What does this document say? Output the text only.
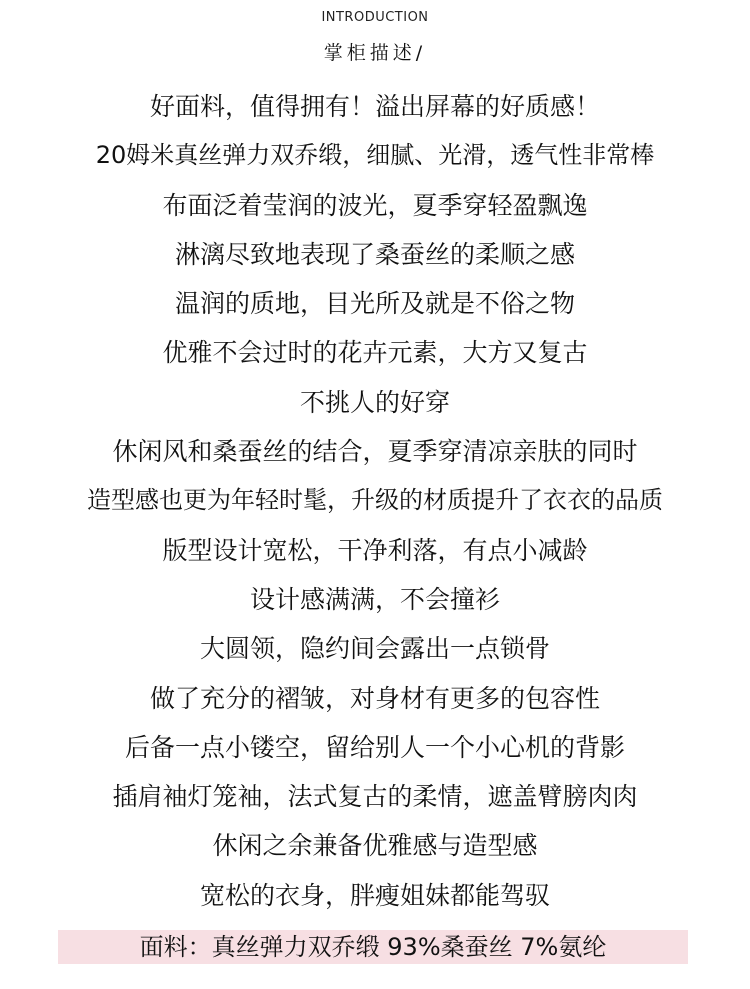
INTRODUCTION
掌柜描述/
好面料，值得拥有！溢出屏幕的好质感！
20姆米真丝弹力双乔缎，细腻、光滑，透气性非常棒
布面泛着莹润的波光，夏季穿轻盈飘逸
淋漓尽致地表现了桑蚕丝的柔顺之感
温润的质地，目光所及就是不俗之物
优雅不会过时的花卉元素，大方又复古
不挑人的好穿
休闲风和桑蚕丝的结合，夏季穿清凉亲肤的同时
造型感也更为年轻时髦，升级的材质提升了衣衣的品质
版型设计宽松，干净利落，有点小减龄
设计感满满，不会撞衫
大圆领，隐约间会露出一点锁骨
做了充分的褶皱，对身材有更多的包容性
后备一点小镂空，留给别人一个小心机的背影
插肩袖灯笼袖，法式复古的柔情，遮盖臂膀肉肉
休闲之余兼备优雅感与造型感
宽松的衣身，胖瘦姐妹都能驾驭
面料：真丝弹力双乔缎 93%桑蚕丝 7%氨纶
